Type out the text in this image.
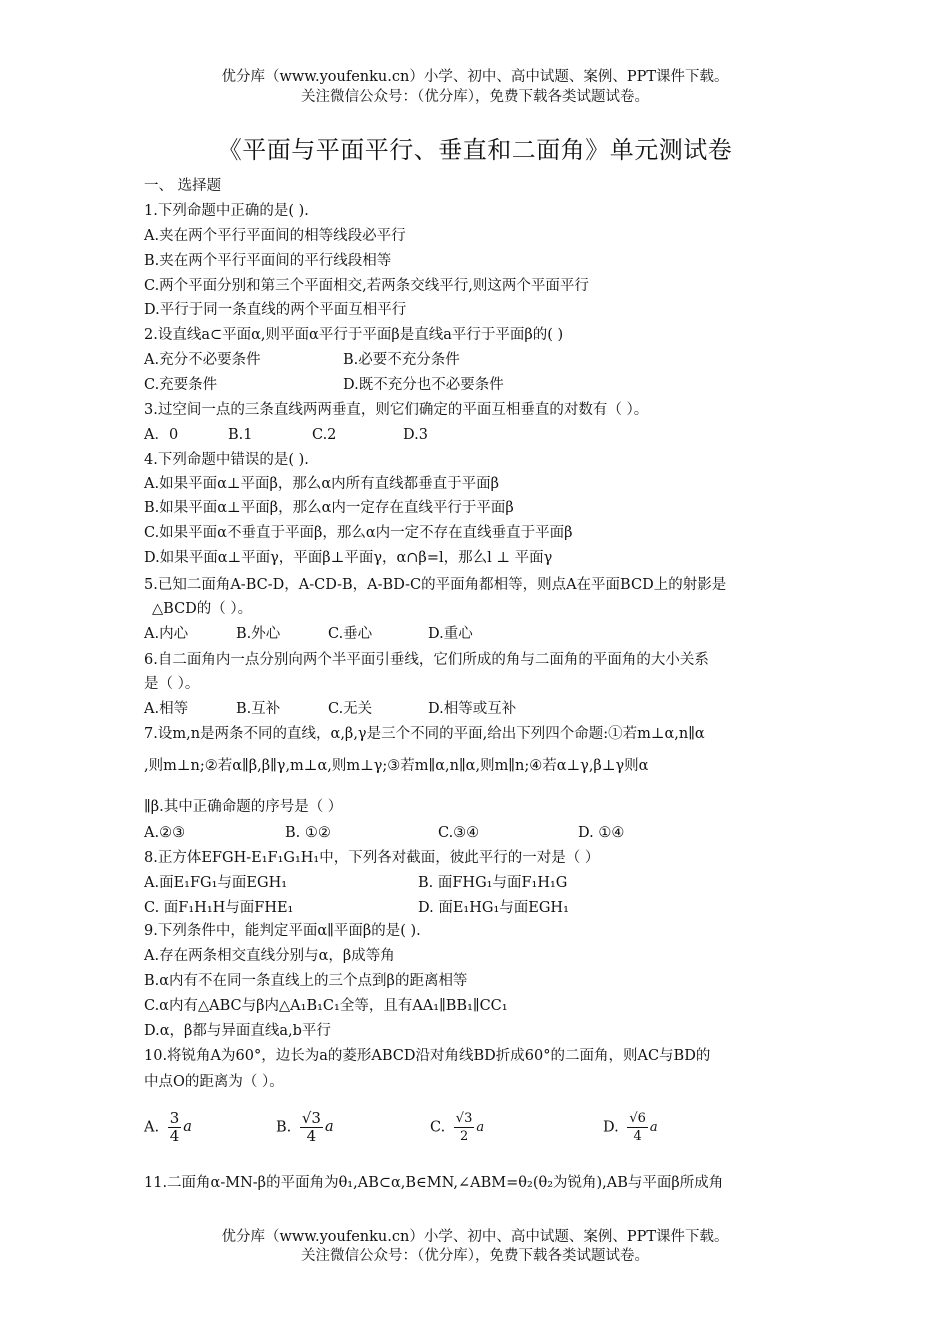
优分库（www.youfenku.cn）小学、初中、高中试题、案例、PPT课件下载。
关注微信公众号：（优分库），免费下载各类试题试卷。
《平面与平面平行、垂直和二面角》单元测试卷
一、 选择题
1.下列命题中正确的是( ).
A.夹在两个平行平面间的相等线段必平行
B.夹在两个平行平面间的平行线段相等
C.两个平面分别和第三个平面相交,若两条交线平行,则这两个平面平行
D.平行于同一条直线的两个平面互相平行
2.设直线a⊂平面α,则平面α平行于平面β是直线a平行于平面β的( )
A.充分不必要条件	B.必要不充分条件
C.充要条件	D.既不充分也不必要条件
3.过空间一点的三条直线两两垂直，则它们确定的平面互相垂直的对数有（ ）。
A．0	B.1	C.2	D.3
4.下列命题中错误的是( ).
A.如果平面α⊥平面β，那么α内所有直线都垂直于平面β
B.如果平面α⊥平面β，那么α内一定存在直线平行于平面β
C.如果平面α不垂直于平面β，那么α内一定不存在直线垂直于平面β
D.如果平面α⊥平面γ，平面β⊥平面γ，α∩β=l，那么l ⊥ 平面γ
5.已知二面角A-BC-D，A-CD-B，A-BD-C的平面角都相等，则点A在平面BCD上的射影是
△BCD的（ ）。
A.内心	B.外心	C.垂心	D.重心
6.自二面角内一点分别向两个半平面引垂线，它们所成的角与二面角的平面角的大小关系
是（ ）。
A.相等	B.互补	C.无关	D.相等或互补
7.设m,n是两条不同的直线，α,β,γ是三个不同的平面,给出下列四个命题:①若m⊥α,n∥α
,则m⊥n;②若α∥β,β∥γ,m⊥α,则m⊥γ;③若m∥α,n∥α,则m∥n;④若α⊥γ,β⊥γ则α
∥β.其中正确命题的序号是（ ）
A.②③	B. ①②	C.③④	D. ①④
8.正方体EFGH-E₁F₁G₁H₁中，下列各对截面，彼此平行的一对是（ ）
A.面E₁FG₁与面EGH₁	B. 面FHG₁与面F₁H₁G
C. 面F₁H₁H与面FHE₁	D. 面E₁HG₁与面EGH₁
9.下列条件中，能判定平面α∥平面β的是( ).
A.存在两条相交直线分别与α，β成等角
B.α内有不在同一条直线上的三个点到β的距离相等
C.α内有△ABC与β内△A₁B₁C₁全等，且有AA₁∥BB₁∥CC₁
D.α，β都与异面直线a,b平行
10.将锐角A为60°，边长为a的菱形ABCD沿对角线BD折成60°的二面角，则AC与BD的
中点O的距离为（ ）。
A. $\frac{3}{4}$ a	B. $\frac{√3}{4}$ a	C. $\frac{√3}{2}$ a	D. $\frac{√6}{4}$ a
11.二面角α-MN-β的平面角为θ₁,AB⊂α,B∈MN,∠ABM=θ₂(θ₂为锐角),AB与平面β所成角
优分库（www.youfenku.cn）小学、初中、高中试题、案例、PPT课件下载。
关注微信公众号：（优分库），免费下载各类试题试卷。
